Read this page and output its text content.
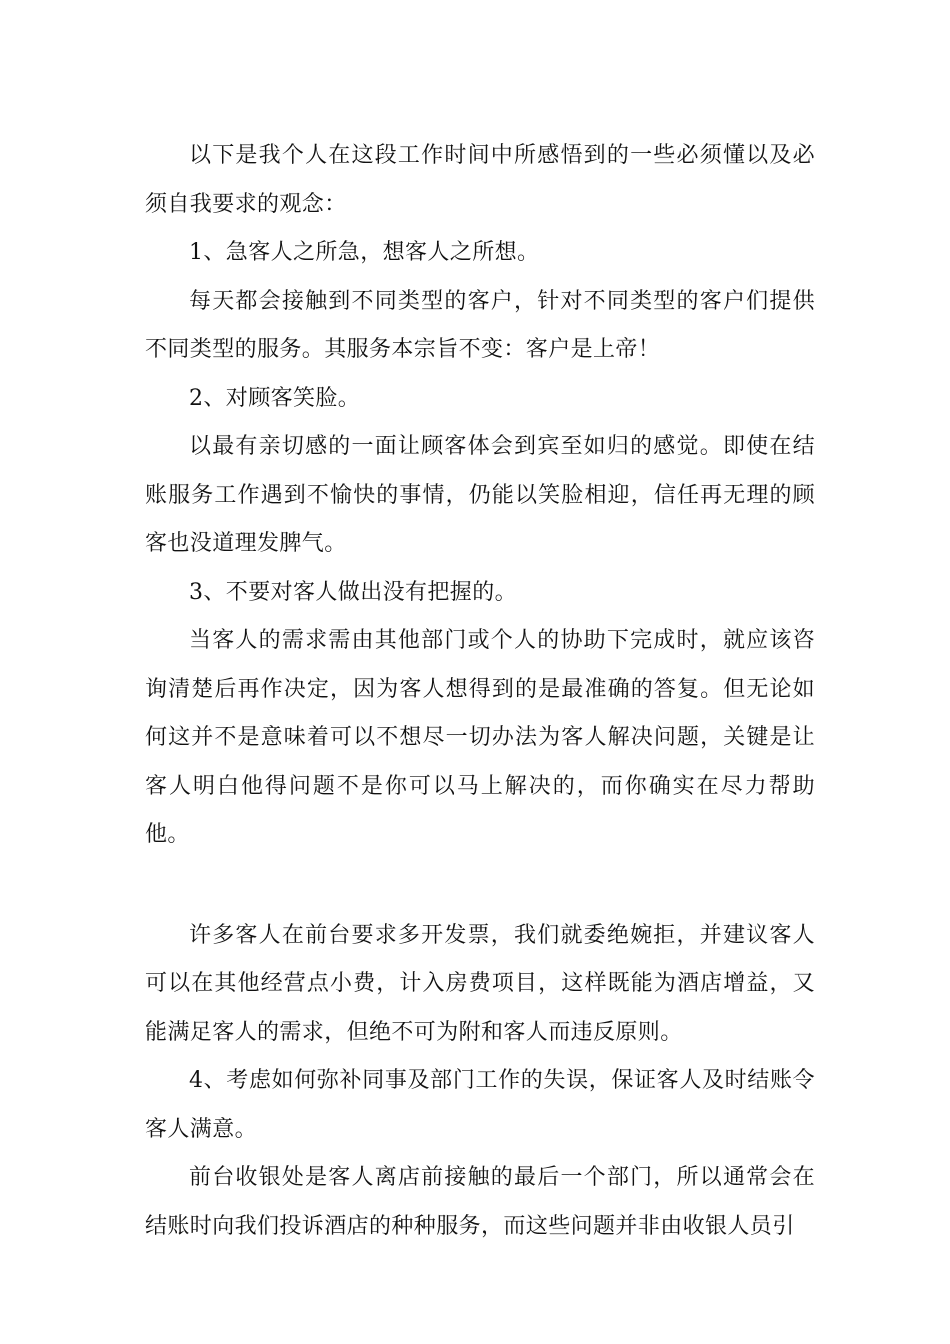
以下是我个人在这段工作时间中所感悟到的一些必须懂以及必须自我要求的观念：

1、急客人之所急，想客人之所想。

每天都会接触到不同类型的客户，针对不同类型的客户们提供不同类型的服务。其服务本宗旨不变：客户是上帝！

2、对顾客笑脸。

以最有亲切感的一面让顾客体会到宾至如归的感觉。即使在结账服务工作遇到不愉快的事情，仍能以笑脸相迎，信任再无理的顾客也没道理发脾气。

3、不要对客人做出没有把握的。

当客人的需求需由其他部门或个人的协助下完成时，就应该咨询清楚后再作决定，因为客人想得到的是最准确的答复。但无论如何这并不是意味着可以不想尽一切办法为客人解决问题，关键是让客人明白他得问题不是你可以马上解决的，而你确实在尽力帮助他。

许多客人在前台要求多开发票，我们就委绝婉拒，并建议客人可以在其他经营点小费，计入房费项目，这样既能为酒店增益，又能满足客人的需求，但绝不可为附和客人而违反原则。

4、考虑如何弥补同事及部门工作的失误，保证客人及时结账令客人满意。

前台收银处是客人离店前接触的最后一个部门，所以通常会在结账时向我们投诉酒店的种种服务，而这些问题并非由收银人员引
